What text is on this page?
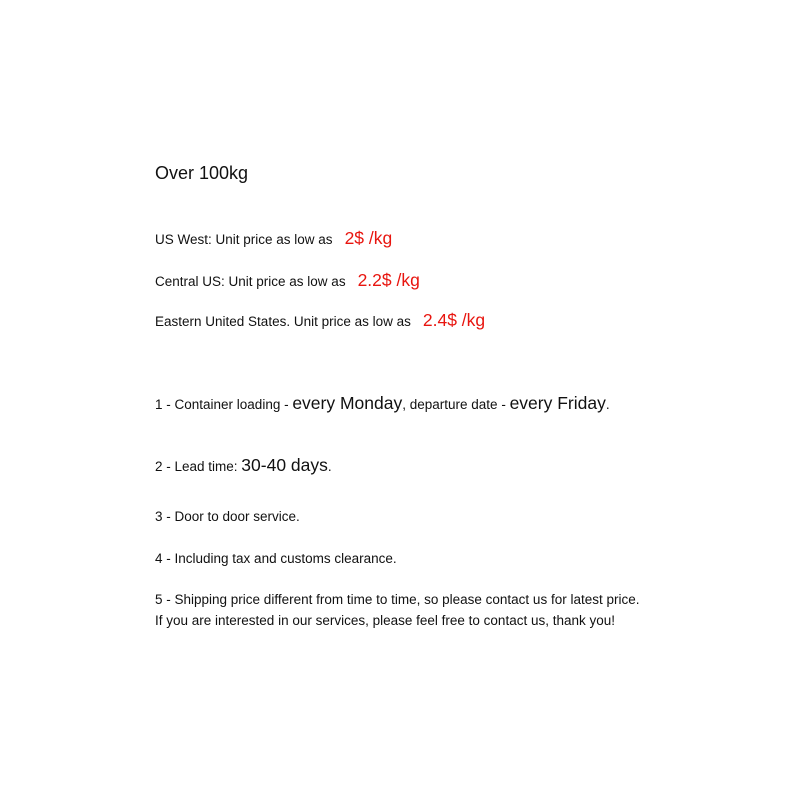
Over 100kg
US West: Unit price as low as 2$ /kg
Central US: Unit price as low as 2.2$ /kg
Eastern United States. Unit price as low as 2.4$ /kg
1 - Container loading - every Monday, departure date - every Friday.
2 - Lead time: 30-40 days.
3 - Door to door service.
4 - Including tax and customs clearance.
5 - Shipping price different from time to time, so please contact us for latest price.
If you are interested in our services, please feel free to contact us, thank you!
